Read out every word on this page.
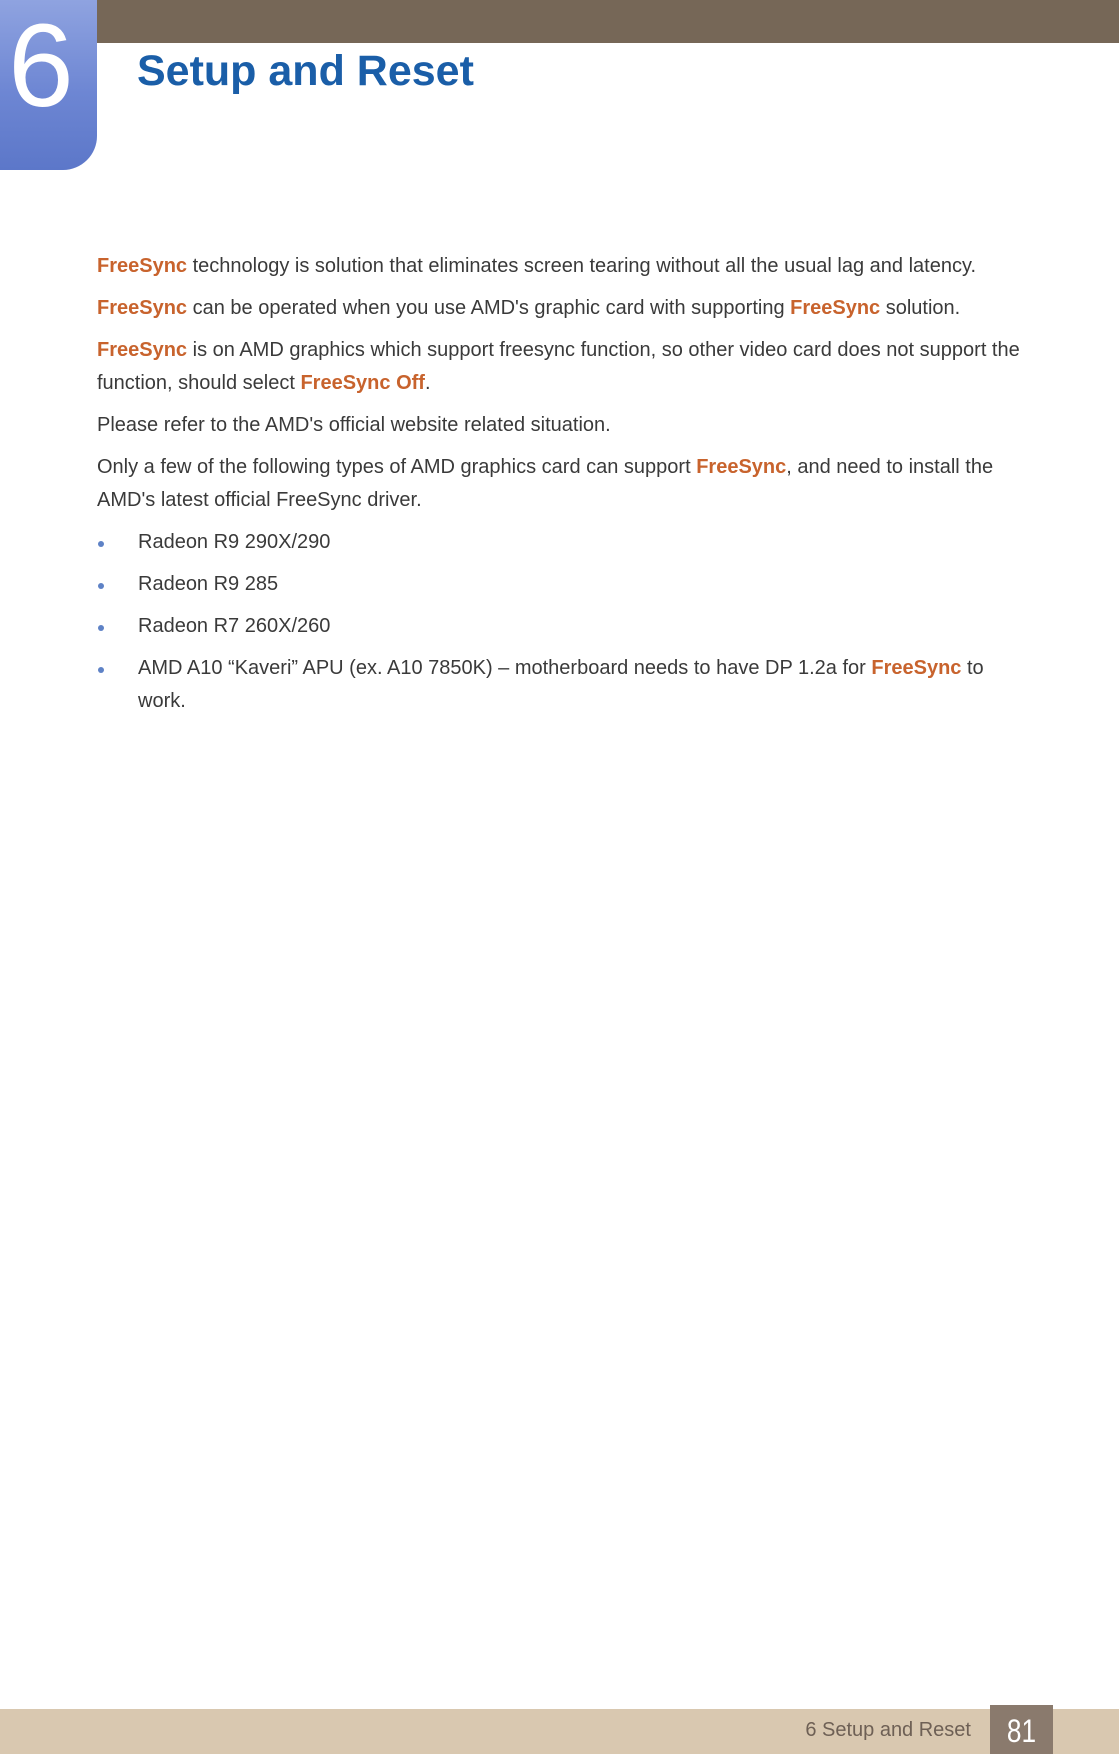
6 Setup and Reset

FreeSync technology is solution that eliminates screen tearing without all the usual lag and latency.

FreeSync can be operated when you use AMD's graphic card with supporting FreeSync solution.

FreeSync is on AMD graphics which support freesync function, so other video card does not support the function, should select FreeSync Off.

Please refer to the AMD's official website related situation.

Only a few of the following types of AMD graphics card can support FreeSync, and need to install the AMD's latest official FreeSync driver.

Radeon R9 290X/290
Radeon R9 285
Radeon R7 260X/260
AMD A10 “Kaveri” APU (ex. A10 7850K) – motherboard needs to have DP 1.2a for FreeSync to work.
6 Setup and Reset	81
